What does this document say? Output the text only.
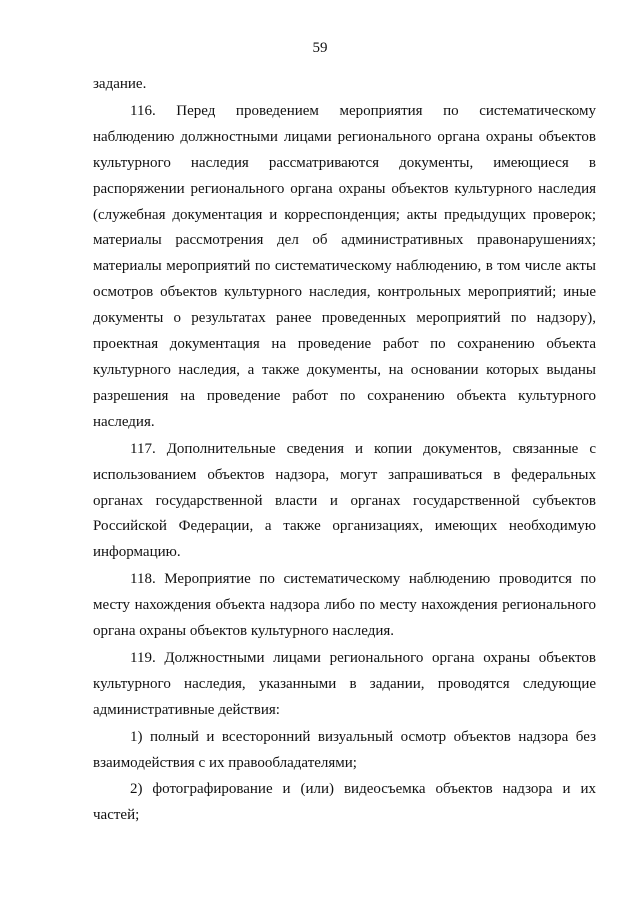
59

задание.

116. Перед проведением мероприятия по систематическому наблюдению должностными лицами регионального органа охраны объектов культурного наследия рассматриваются документы, имеющиеся в распоряжении регионального органа охраны объектов культурного наследия (служебная документация и корреспонденция; акты предыдущих проверок; материалы рассмотрения дел об административных правонарушениях; материалы мероприятий по систематическому наблюдению, в том числе акты осмотров объектов культурного наследия, контрольных мероприятий; иные документы о результатах ранее проведенных мероприятий по надзору), проектная документация на проведение работ по сохранению объекта культурного наследия, а также документы, на основании которых выданы разрешения на проведение работ по сохранению объекта культурного наследия.

117. Дополнительные сведения и копии документов, связанные с использованием объектов надзора, могут запрашиваться в федеральных органах государственной власти и органах государственной субъектов Российской Федерации, а также организациях, имеющих необходимую информацию.

118. Мероприятие по систематическому наблюдению проводится по месту нахождения объекта надзора либо по месту нахождения регионального органа охраны объектов культурного наследия.

119. Должностными лицами регионального органа охраны объектов культурного наследия, указанными в задании, проводятся следующие административные действия:

1) полный и всесторонний визуальный осмотр объектов надзора без взаимодействия с их правообладателями;

2) фотографирование и (или) видеосъемка объектов надзора и их частей;
